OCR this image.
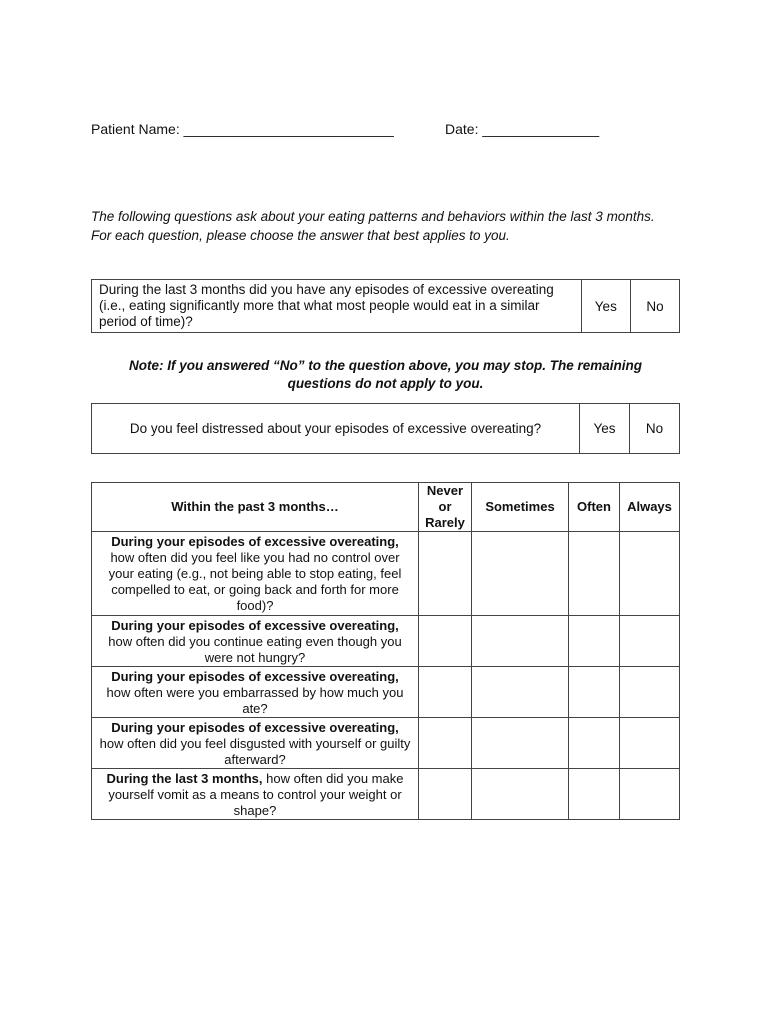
Patient Name: ___________________________	Date: _______________

The following questions ask about your eating patterns and behaviors within the last 3 months.

For each question, please choose the answer that best applies to you.

During the last 3 months did you have any episodes of excessive overeating (i.e., eating significantly more that what most people would eat in a similar period of time)?	Yes	No
Note: If you answered “No” to the question above, you may stop. The remaining
questions do not apply to you.
Do you feel distressed about your episodes of excessive overeating?	Yes	No
Within the past 3 months…	Never or Rarely	Sometimes	Often	Always
During your episodes of excessive overeating, how often did you feel like you had no control over your eating (e.g., not being able to stop eating, feel compelled to eat, or going back and forth for more food)?				
During your episodes of excessive overeating, how often did you continue eating even though you were not hungry?				
During your episodes of excessive overeating, how often were you embarrassed by how much you ate?				
During your episodes of excessive overeating, how often did you feel disgusted with yourself or guilty afterward?				
During the last 3 months, how often did you make yourself vomit as a means to control your weight or shape?				
